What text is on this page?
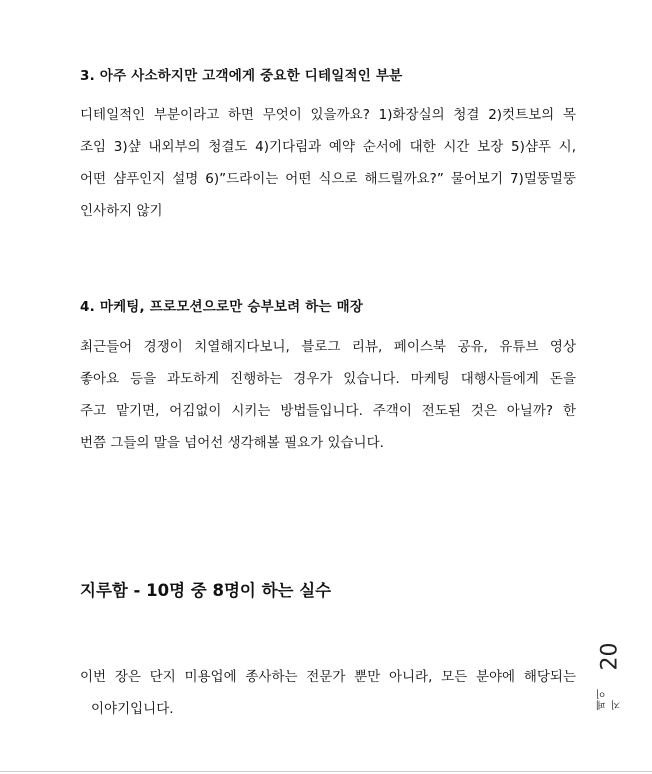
3. 아주 사소하지만 고객에게 중요한 디테일적인 부분
디테일적인 부분이라고 하면 무엇이 있을까요? 1)화장실의 청결 2)컷트보의 목
조임 3)샾 내외부의 청결도 4)기다림과 예약 순서에 대한 시간 보장 5)샴푸 시,
어떤 샴푸인지 설명 6)”드라이는 어떤 식으로 해드릴까요?” 물어보기 7)멀뚱멀뚱
인사하지 않기
4. 마케팅, 프로모션으로만 승부보려 하는 매장
최근들어 경쟁이 치열해지다보니, 블로그 리뷰, 페이스북 공유, 유튜브 영상
좋아요 등을 과도하게 진행하는 경우가 있습니다. 마케팅 대행사들에게 돈을
주고 맡기면, 어김없이 시키는 방법들입니다. 주객이 전도된 것은 아닐까? 한
번쯤 그들의 말을 넘어선 생각해볼 필요가 있습니다.
지루함 - 10명 중 8명이 하는 실수
이번 장은 단지 미용업에 종사하는 전문가 뿐만 아니라, 모든 분야에 해당되는
이야기입니다.
20
페이지
